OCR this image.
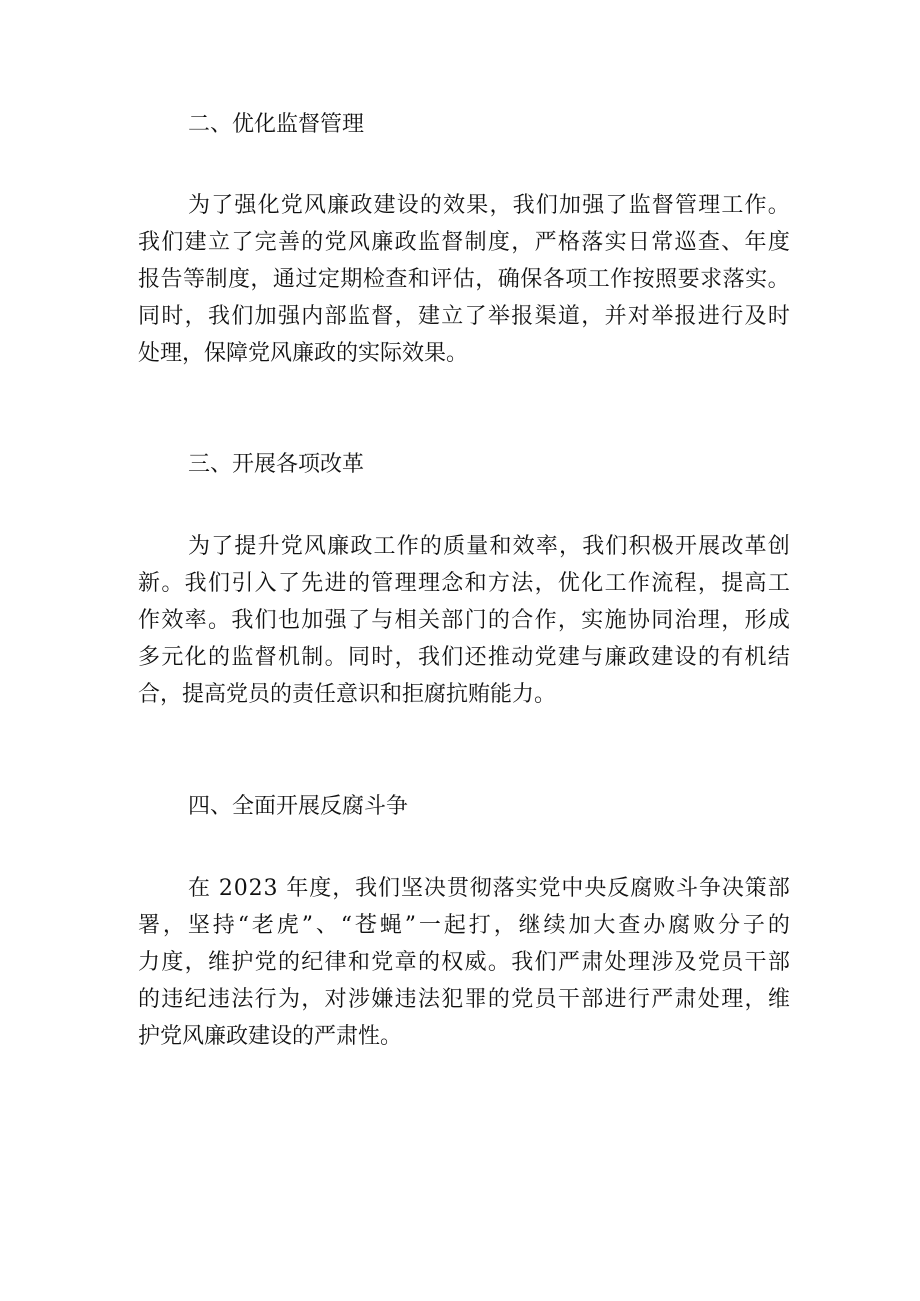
二、优化监督管理
为 了 强 化 党 风 廉 政 建 设 的 效 果 ， 我 们 加 强 了 监 督 管 理 工 作 。
我 们 建 立 了 完 善 的 党 风 廉 政 监 督 制 度 ， 严 格 落 实 日 常 巡 查 、 年 度
报 告 等 制 度 ， 通 过 定 期 检 查 和 评 估 ， 确 保 各 项 工 作 按 照 要 求 落 实 。
同 时 ， 我 们 加 强 内 部 监 督 ， 建 立 了 举 报 渠 道 ， 并 对 举 报 进 行 及 时
处理，保障党风廉政的实际效果。
三、开展各项改革
为 了 提 升 党 风 廉 政 工 作 的 质 量 和 效 率 ， 我 们 积 极 开 展 改 革 创
新 。 我 们 引 入 了 先 进 的 管 理 理 念 和 方 法 ， 优 化 工 作 流 程 ， 提 高 工
作 效 率 。 我 们 也 加 强 了 与 相 关 部 门 的 合 作 ， 实 施 协 同 治 理 ， 形 成
多 元 化 的 监 督 机 制 。 同 时 ， 我 们 还 推 动 党 建 与 廉 政 建 设 的 有 机 结
合，提高党员的责任意识和拒腐抗贿能力。
四、全面开展反腐斗争
在
2 0 2 3
年 度 ， 我 们 坚 决 贯 彻 落 实 党 中 央 反 腐 败 斗 争 决 策 部
署 ， 坚 持 “ 老 虎 ” 、 “ 苍 蝇 ” 一 起 打 ， 继 续 加 大 查 办 腐 败 分 子 的
力 度 ， 维 护 党 的 纪 律 和 党 章 的 权 威 。 我 们 严 肃 处 理 涉 及 党 员 干 部
的 违 纪 违 法 行 为 ， 对 涉 嫌 违 法 犯 罪 的 党 员 干 部 进 行 严 肃 处 理 ， 维
护党风廉政建设的严肃性。
